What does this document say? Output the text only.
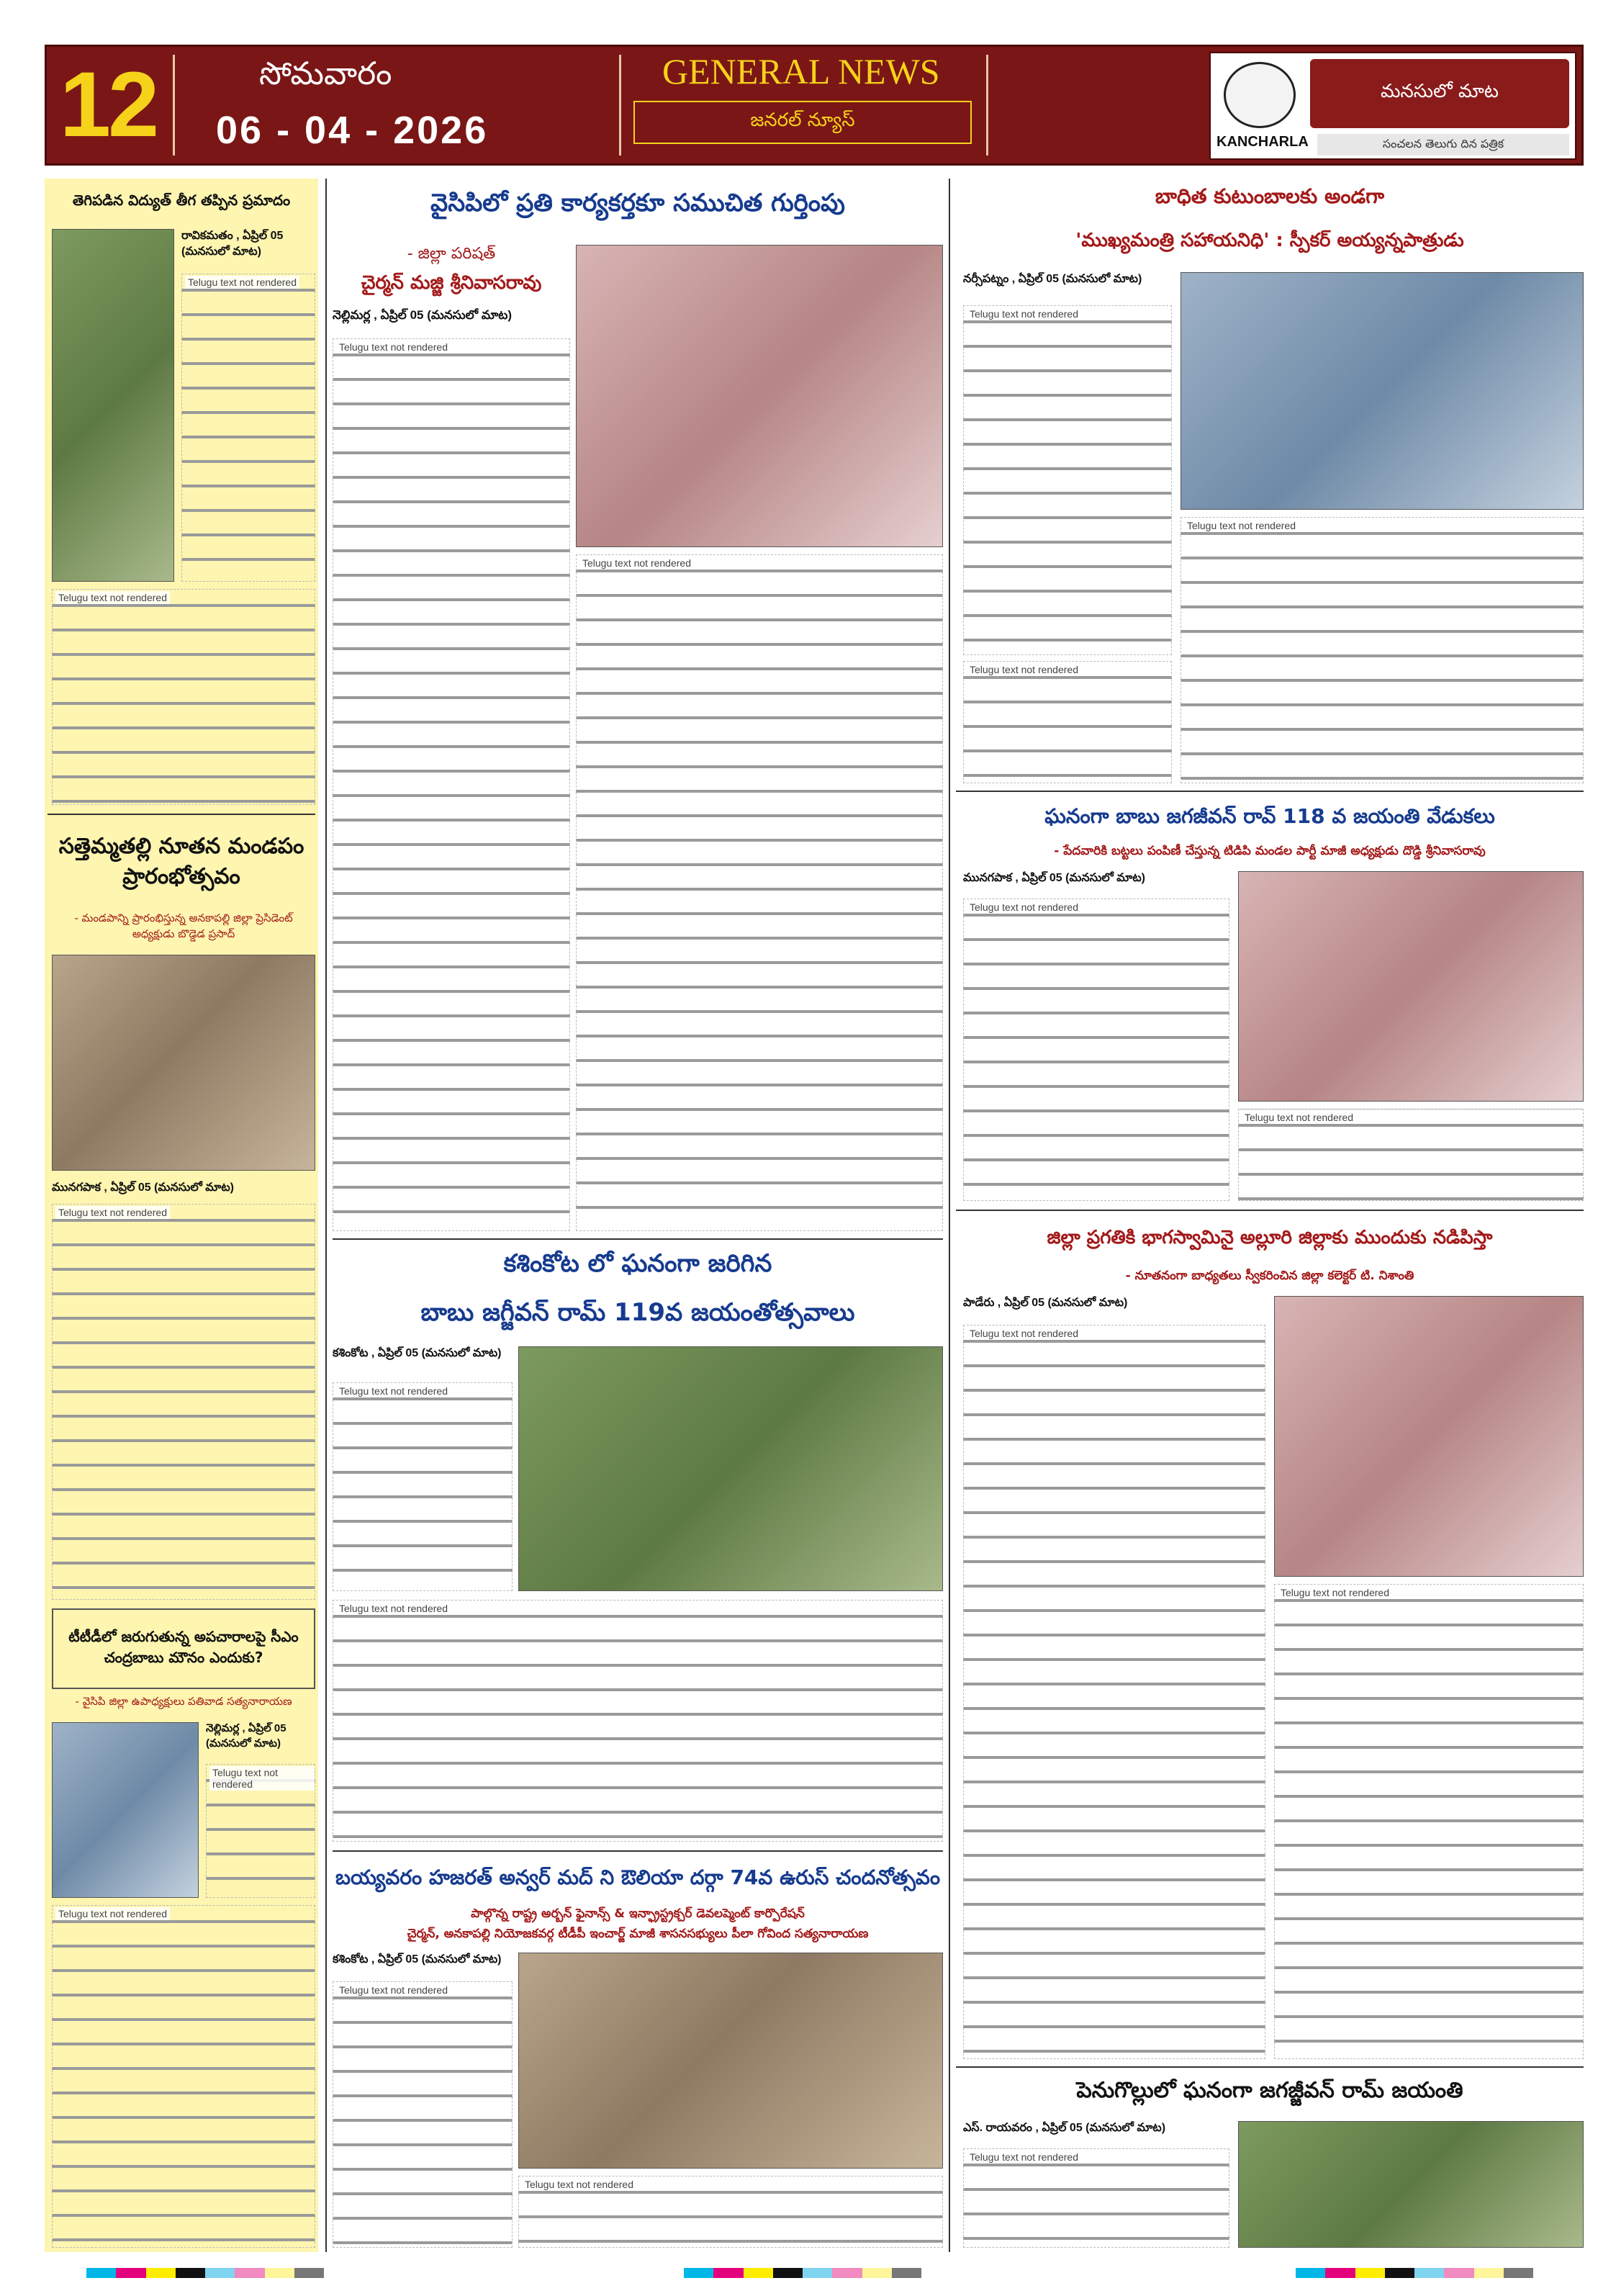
12	సోమవారం
06 - 04 - 2026
GENERAL NEWS
జనరల్ న్యూస్
KANCHARLA
మనసులో మాట
సంచలన తెలుగు దిన పత్రిక
తెగిపడిన విద్యుత్ తీగ తప్పిన ప్రమాదం
రావికమతం , ఏప్రిల్ 05 (మనసులో మాట)
Telugu text not rendered
Telugu text not rendered
సత్తెమ్మతల్లి నూతన మండపం ప్రారంభోత్సవం
- మండపాన్ని ప్రారంభిస్తున్న అనకాపల్లి జిల్లా ప్రెసిడెంట్ అధ్యక్షుడు బొడ్డెడ ప్రసాద్
మునగపాక , ఏప్రిల్ 05 (మనసులో మాట)
Telugu text not rendered
టీటీడీలో జరుగుతున్న అపచారాలపై సీఎం చంద్రబాబు మౌనం ఎందుకు?
- వైసిపి జిల్లా ఉపాధ్యక్షులు పతివాడ సత్యనారాయణ
నెల్లిమర్ల , ఏప్రిల్ 05 (మనసులో మాట)
Telugu text not rendered
Telugu text not rendered
వైసిపిలో ప్రతి కార్యకర్తకూ సముచిత గుర్తింపు
- జిల్లా పరిషత్
చైర్మన్ మజ్జి శ్రీనివాసరావు
నెల్లిమర్ల , ఏప్రిల్ 05 (మనసులో మాట)
Telugu text not rendered
Telugu text not rendered
కశింకోట లో ఘనంగా జరిగిన
బాబు జగ్జీవన్ రామ్ 119వ జయంతోత్సవాలు
కశింకోట , ఏప్రిల్ 05 (మనసులో మాట)
Telugu text not rendered
Telugu text not rendered
బయ్యవరం హజరత్ అన్వర్ మద్ ని ఔలియా దర్గా 74వ ఉరుస్ చందనోత్సవం
పాల్గొన్న రాష్ట్ర అర్బన్ ఫైనాన్స్ & ఇన్ఫ్రాస్ట్రక్చర్ డెవలప్మెంట్ కార్పొరేషన్
చైర్మన్, అనకాపల్లి నియోజకవర్గ టీడీపీ ఇంచార్జ్ మాజీ శాసనసభ్యులు పీలా గోవింద సత్యనారాయణ
కశింకోట , ఏప్రిల్ 05 (మనసులో మాట)
Telugu text not rendered
Telugu text not rendered
బాధిత కుటుంబాలకు అండగా
'ముఖ్యమంత్రి సహాయనిధి' : స్పీకర్ అయ్యన్నపాత్రుడు
నర్సీపట్నం , ఏప్రిల్ 05 (మనసులో మాట)
Telugu text not rendered
Telugu text not rendered
Telugu text not rendered
ఘనంగా బాబు జగజీవన్ రావ్ 118 వ జయంతి వేడుకలు
- పేదవారికి బట్టలు పంపిణీ చేస్తున్న టిడిపి మండల పార్టీ మాజీ అధ్యక్షుడు దొడ్డి శ్రీనివాసరావు
మునగపాక , ఏప్రిల్ 05 (మనసులో మాట)
Telugu text not rendered
Telugu text not rendered
జిల్లా ప్రగతికి భాగస్వామినై అల్లూరి జిల్లాకు ముందుకు నడిపిస్తా
- నూతనంగా బాధ్యతలు స్వీకరించిన జిల్లా కలెక్టర్ టి. నిశాంతి
పాడేరు , ఏప్రిల్ 05 (మనసులో మాట)
Telugu text not rendered
Telugu text not rendered
పెనుగొల్లులో ఘనంగా జగజ్జీవన్ రామ్ జయంతి
ఎస్. రాయవరం , ఏప్రిల్ 05 (మనసులో మాట)
Telugu text not rendered
